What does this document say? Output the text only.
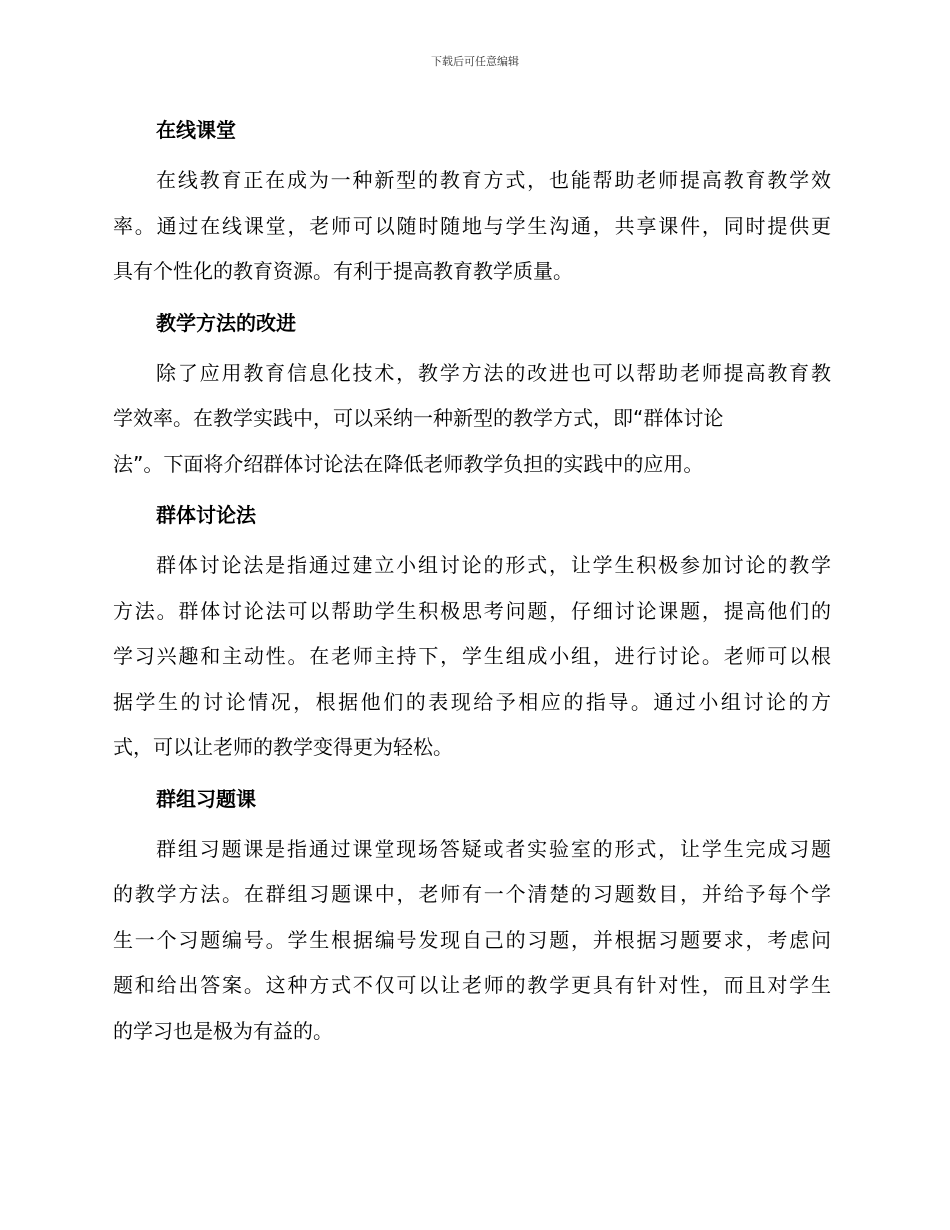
下载后可任意编辑
在线课堂
在线教育正在成为一种新型的教育方式，也能帮助老师提高教育教学效
率。通过在线课堂，老师可以随时随地与学生沟通，共享课件，同时提供更
具有个性化的教育资源。有利于提高教育教学质量。
教学方法的改进
除了应用教育信息化技术，教学方法的改进也可以帮助老师提高教育教
学效率。在教学实践中，可以采纳一种新型的教学方式，即“群体讨论
法”。下面将介绍群体讨论法在降低老师教学负担的实践中的应用。
群体讨论法
群体讨论法是指通过建立小组讨论的形式，让学生积极参加讨论的教学
方法。群体讨论法可以帮助学生积极思考问题，仔细讨论课题，提高他们的
学习兴趣和主动性。在老师主持下，学生组成小组，进行讨论。老师可以根
据学生的讨论情况，根据他们的表现给予相应的指导。通过小组讨论的方
式，可以让老师的教学变得更为轻松。
群组习题课
群组习题课是指通过课堂现场答疑或者实验室的形式，让学生完成习题
的教学方法。在群组习题课中，老师有一个清楚的习题数目，并给予每个学
生一个习题编号。学生根据编号发现自己的习题，并根据习题要求，考虑问
题和给出答案。这种方式不仅可以让老师的教学更具有针对性，而且对学生
的学习也是极为有益的。
